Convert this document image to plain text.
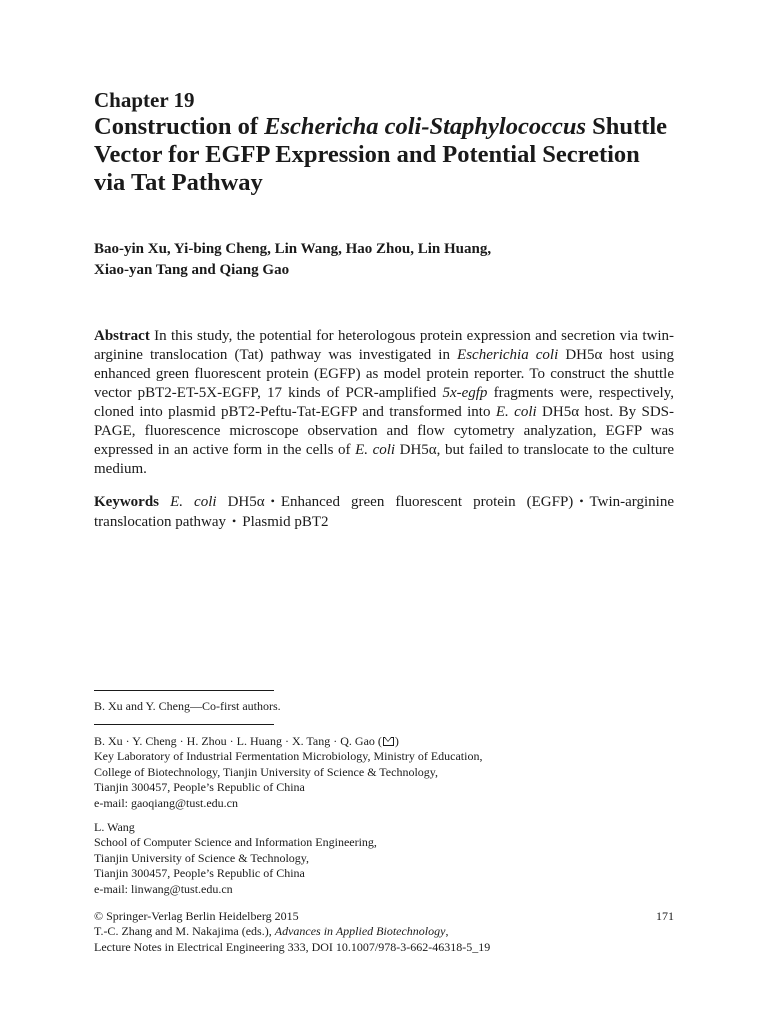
Chapter 19

Construction of Eschericha coli-Staphylococcus Shuttle Vector for EGFP Expression and Potential Secretion via Tat Pathway

Bao-yin Xu, Yi-bing Cheng, Lin Wang, Hao Zhou, Lin Huang,
Xiao-yan Tang and Qiang Gao
Abstract In this study, the potential for heterologous protein expression and secretion via twin-arginine translocation (Tat) pathway was investigated in Escherichia coli DH5α host using enhanced green fluorescent protein (EGFP) as model protein reporter. To construct the shuttle vector pBT2-ET-5X-EGFP, 17 kinds of PCR-amplified 5x-egfp fragments were, respectively, cloned into plasmid pBT2-Peftu-Tat-EGFP and transformed into E. coli DH5α host. By SDS-PAGE, fluorescence microscope observation and flow cytometry analyzation, EGFP was expressed in an active form in the cells of E. coli DH5α, but failed to translocate to the culture medium.
Keywords E. coli DH5α • Enhanced green fluorescent protein (EGFP) • Twin-arginine translocation pathway • Plasmid pBT2
B. Xu and Y. Cheng—Co-first authors.
B. Xu · Y. Cheng · H. Zhou · L. Huang · X. Tang · Q. Gao ( )
Key Laboratory of Industrial Fermentation Microbiology, Ministry of Education,
College of Biotechnology, Tianjin University of Science & Technology,
Tianjin 300457, People’s Republic of China
e-mail: gaoqiang@tust.edu.cn
L. Wang
School of Computer Science and Information Engineering,
Tianjin University of Science & Technology,
Tianjin 300457, People’s Republic of China
e-mail: linwang@tust.edu.cn
© Springer-Verlag Berlin Heidelberg 2015	171
T.-C. Zhang and M. Nakajima (eds.), Advances in Applied Biotechnology,
Lecture Notes in Electrical Engineering 333, DOI 10.1007/978-3-662-46318-5_19
